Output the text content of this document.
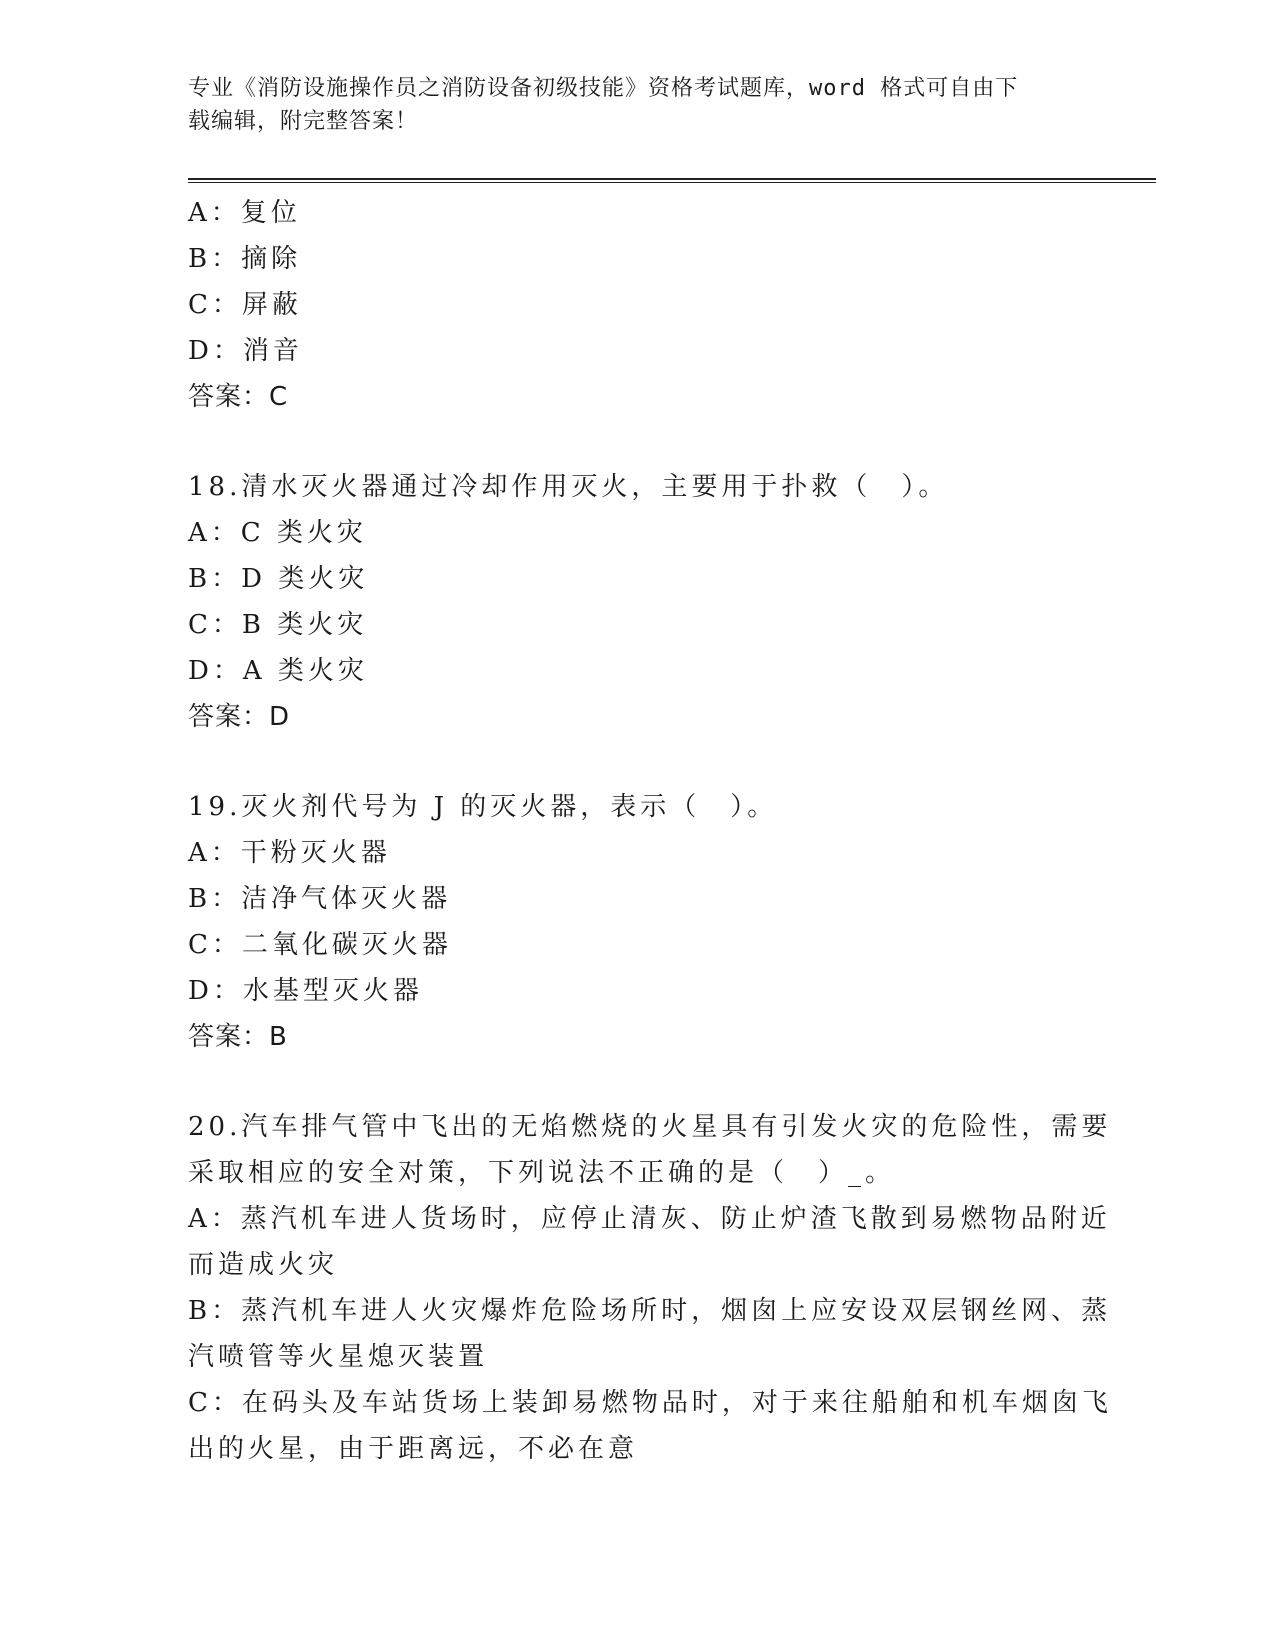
专业《消防设施操作员之消防设备初级技能》资格考试题库，word 格式可自由下
载编辑，附完整答案！
A：复位
B：摘除
C：屏蔽
D：消音
答案：C
18.清水灭火器通过冷却作用灭火，主要用于扑救（　）。
A：C 类火灾
B：D 类火灾
C：B 类火灾
D：A 类火灾
答案：D
19.灭火剂代号为 J 的灭火器，表示（　）。
A：干粉灭火器
B：洁净气体灭火器
C：二氧化碳灭火器
D：水基型灭火器
答案：B
20.汽车排气管中飞出的无焰燃烧的火星具有引发火灾的危险性，需要
采取相应的安全对策，下列说法不正确的是（　）_。
A：蒸汽机车进人货场时，应停止清灰、防止炉渣飞散到易燃物品附近
而造成火灾
B：蒸汽机车进人火灾爆炸危险场所时，烟囱上应安设双层钢丝网、蒸
汽喷管等火星熄灭装置
C：在码头及车站货场上装卸易燃物品时，对于来往船舶和机车烟囱飞
出的火星，由于距离远，不必在意
